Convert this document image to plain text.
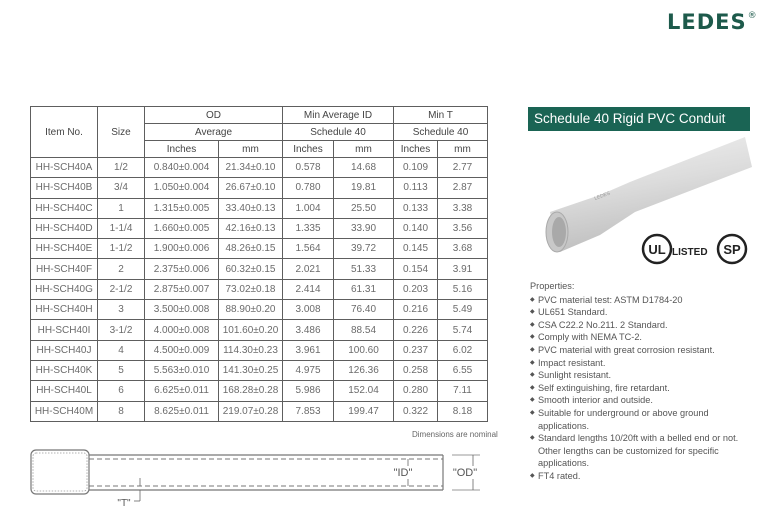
LEDES®
Item No.	Size	OD		Min Average ID		Min T	
		Average		Schedule 40		Schedule 40	
		Inches	mm	Inches	mm	Inches	mm
HH-SCH40A	1/2	0.840±0.004	21.34±0.10	0.578	14.68	0.109	2.77
HH-SCH40B	3/4	1.050±0.004	26.67±0.10	0.780	19.81	0.113	2.87
HH-SCH40C	1	1.315±0.005	33.40±0.13	1.004	25.50	0.133	3.38
HH-SCH40D	1-1/4	1.660±0.005	42.16±0.13	1.335	33.90	0.140	3.56
HH-SCH40E	1-1/2	1.900±0.006	48.26±0.15	1.564	39.72	0.145	3.68
HH-SCH40F	2	2.375±0.006	60.32±0.15	2.021	51.33	0.154	3.91
HH-SCH40G	2-1/2	2.875±0.007	73.02±0.18	2.414	61.31	0.203	5.16
HH-SCH40H	3	3.500±0.008	88.90±0.20	3.008	76.40	0.216	5.49
HH-SCH40I	3-1/2	4.000±0.008	101.60±0.20	3.486	88.54	0.226	5.74
HH-SCH40J	4	4.500±0.009	114.30±0.23	3.961	100.60	0.237	6.02
HH-SCH40K	5	5.563±0.010	141.30±0.25	4.975	126.36	0.258	6.55
HH-SCH40L	6	6.625±0.011	168.28±0.28	5.986	152.04	0.280	7.11
HH-SCH40M	8	8.625±0.011	219.07±0.28	7.853	199.47	0.322	8.18
Dimensions are nominal
"ID"	"OD"
"T"
Schedule 40 Rigid PVC Conduit
LEDES
UL LISTED SP
Properties:
◆ PVC material test: ASTM D1784-20
◆ UL651 Standard.
◆ CSA C22.2 No.211. 2 Standard.
◆ Comply with NEMA TC-2.
◆ PVC material with great corrosion resistant.
◆ Impact resistant.
◆ Sunlight resistant.
◆ Self extinguishing, fire retardant.
◆ Smooth interior and outside.
◆ Suitable for underground or above ground applications.
◆ Standard lengths 10/20ft with a belled end or not. Other lengths can be customized for specific applications.
◆ FT4 rated.
